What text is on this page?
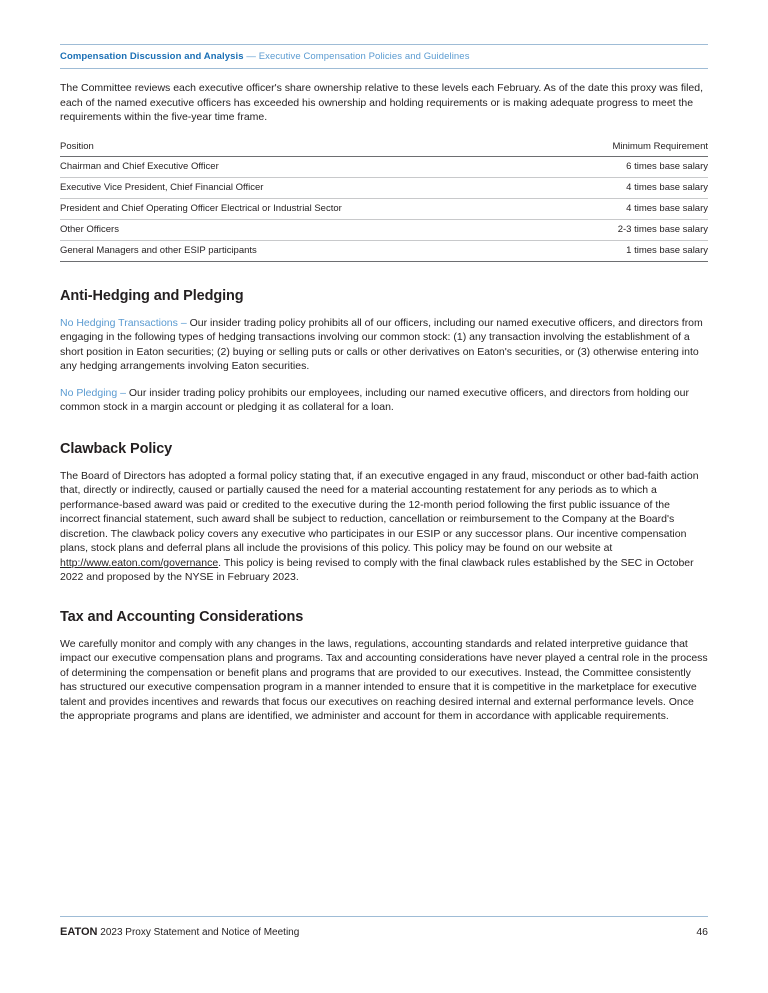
Compensation Discussion and Analysis — Executive Compensation Policies and Guidelines

The Committee reviews each executive officer's share ownership relative to these levels each February. As of the date this proxy was filed, each of the named executive officers has exceeded his ownership and holding requirements or is making adequate progress to meet the requirements within the five-year time frame.

Position	Minimum Requirement
Chairman and Chief Executive Officer	6 times base salary
Executive Vice President, Chief Financial Officer	4 times base salary
President and Chief Operating Officer Electrical or Industrial Sector	4 times base salary
Other Officers	2-3 times base salary
General Managers and other ESIP participants	1 times base salary
Anti-Hedging and Pledging

No Hedging Transactions – Our insider trading policy prohibits all of our officers, including our named executive officers, and directors from engaging in the following types of hedging transactions involving our common stock: (1) any transaction involving the establishment of a short position in Eaton securities; (2) buying or selling puts or calls or other derivatives on Eaton's securities, or (3) otherwise entering into any hedging arrangements involving Eaton securities.

No Pledging – Our insider trading policy prohibits our employees, including our named executive officers, and directors from holding our common stock in a margin account or pledging it as collateral for a loan.

Clawback Policy

The Board of Directors has adopted a formal policy stating that, if an executive engaged in any fraud, misconduct or other bad-faith action that, directly or indirectly, caused or partially caused the need for a material accounting restatement for any periods as to which a performance-based award was paid or credited to the executive during the 12-month period following the first public issuance of the incorrect financial statement, such award shall be subject to reduction, cancellation or reimbursement to the Company at the Board's discretion. The clawback policy covers any executive who participates in our ESIP or any successor plans. Our incentive compensation plans, stock plans and deferral plans all include the provisions of this policy. This policy may be found on our website at http://www.eaton.com/governance. This policy is being revised to comply with the final clawback rules established by the SEC in October 2022 and proposed by the NYSE in February 2023.

Tax and Accounting Considerations

We carefully monitor and comply with any changes in the laws, regulations, accounting standards and related interpretive guidance that impact our executive compensation plans and programs. Tax and accounting considerations have never played a central role in the process of determining the compensation or benefit plans and programs that are provided to our executives. Instead, the Committee consistently has structured our executive compensation program in a manner intended to ensure that it is competitive in the marketplace for executive talent and provides incentives and rewards that focus our executives on reaching desired internal and external performance levels. Once the appropriate programs and plans are identified, we administer and account for them in accordance with applicable requirements.

EATON 2023 Proxy Statement and Notice of Meeting	46
